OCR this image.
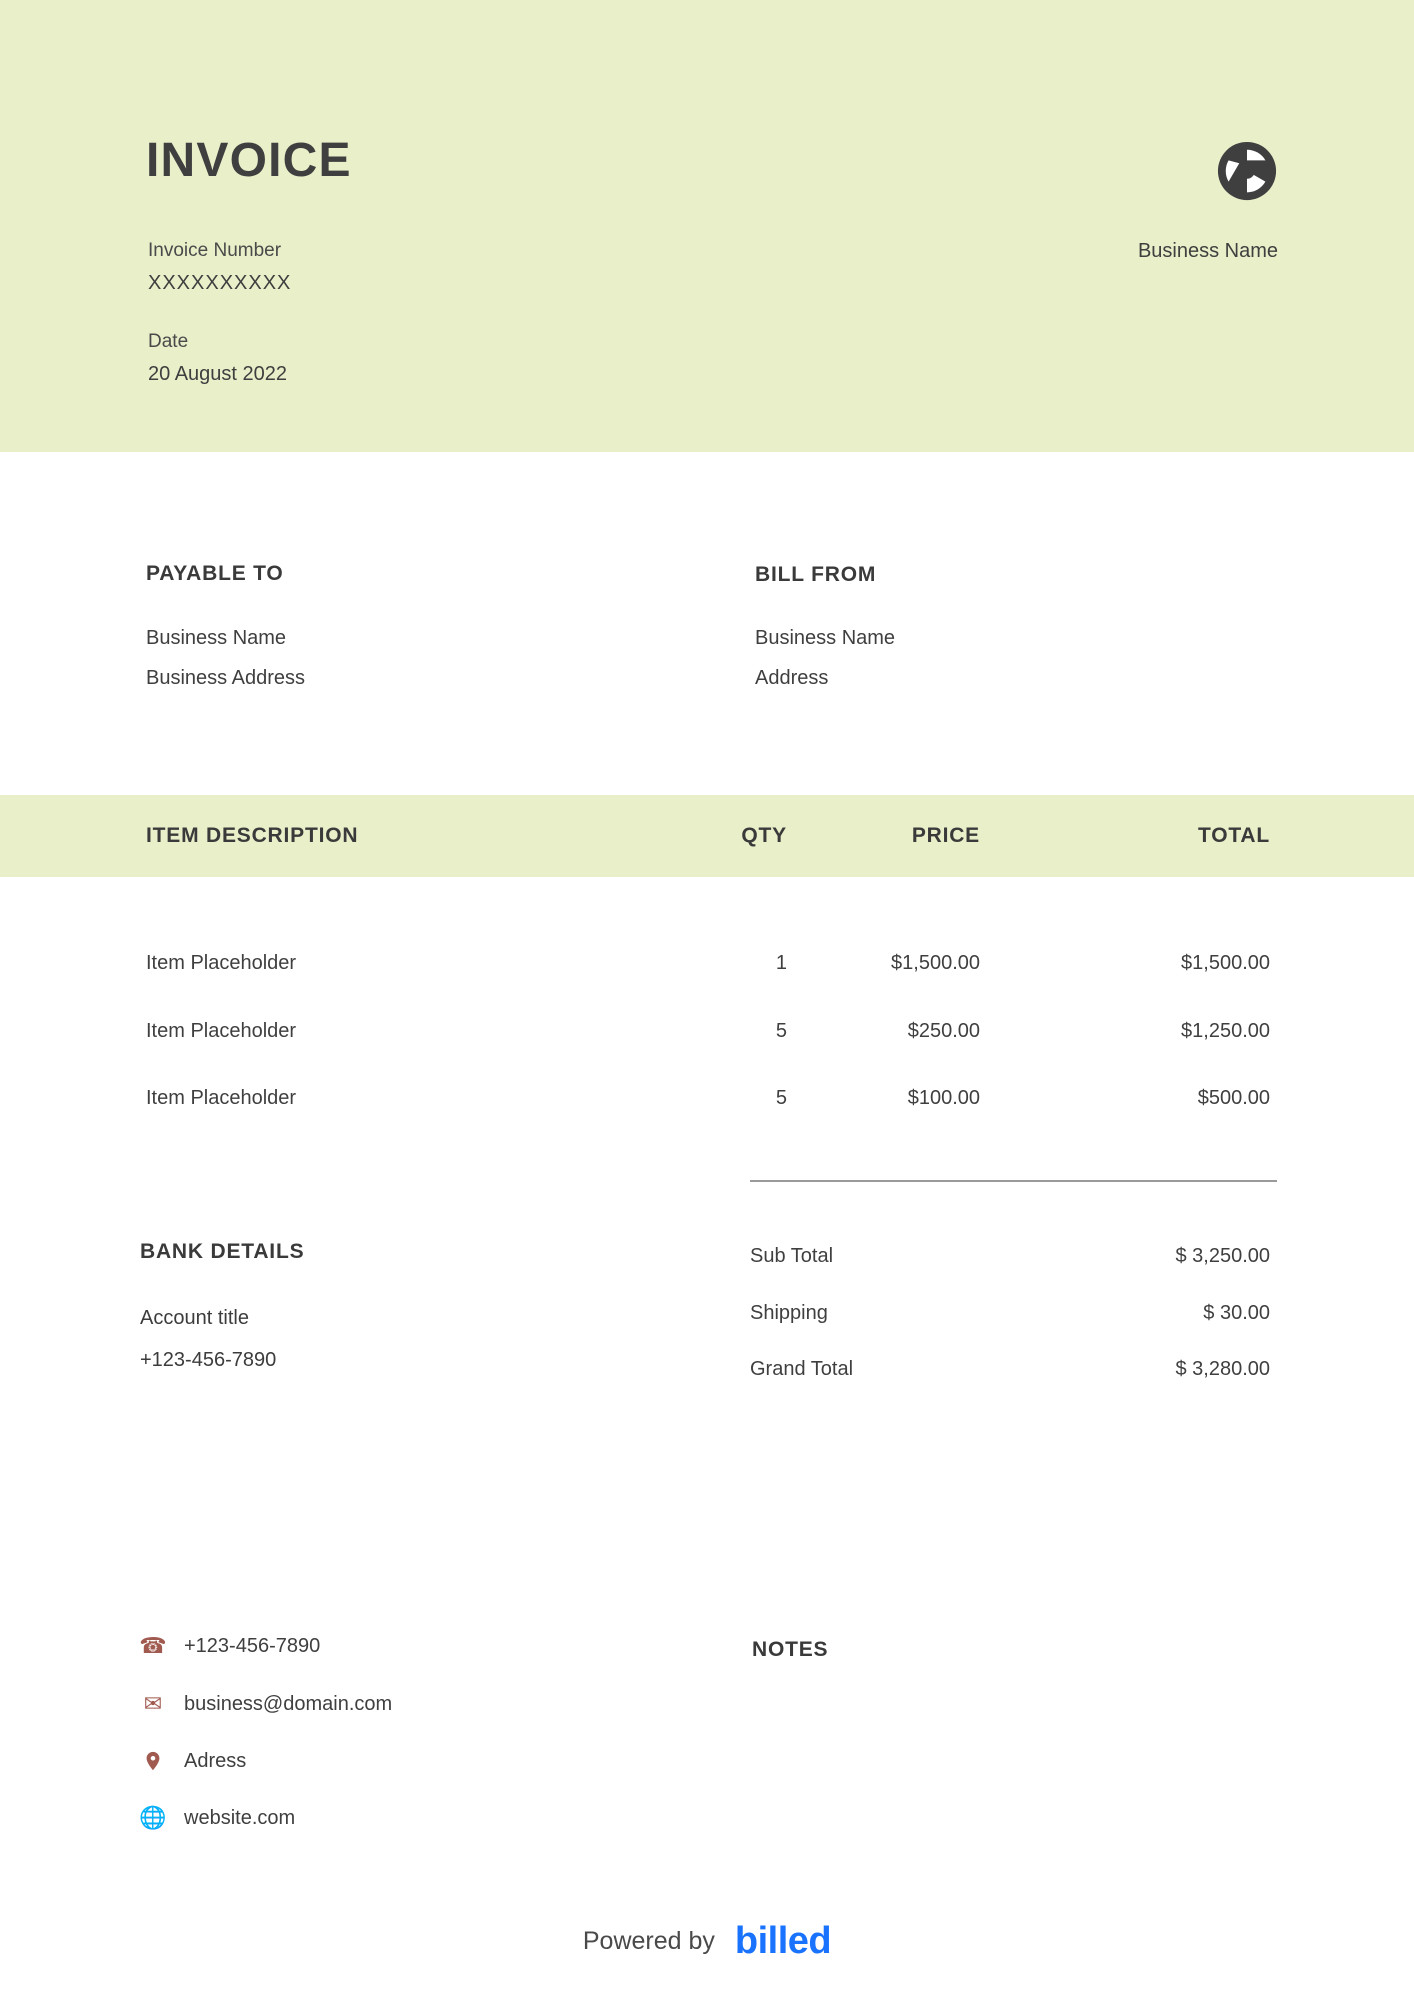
INVOICE
Invoice Number
XXXXXXXXXX
Date
20 August 2022
Business Name
PAYABLE TO
Business Name
Business Address
BILL FROM
Business Name
Address
ITEM DESCRIPTION	QTY	PRICE	TOTAL
Item Placeholder	1	$1,500.00	$1,500.00
Item Placeholder	5	$250.00	$1,250.00
Item Placeholder	5	$100.00	$500.00
BANK DETAILS
Account title
+123-456-7890
Sub Total	$ 3,250.00
Shipping	$ 30.00
Grand Total	$ 3,280.00
☎ +123-456-7890
✉ business@domain.com
Adress
🌐 website.com
NOTES
Powered by billed
